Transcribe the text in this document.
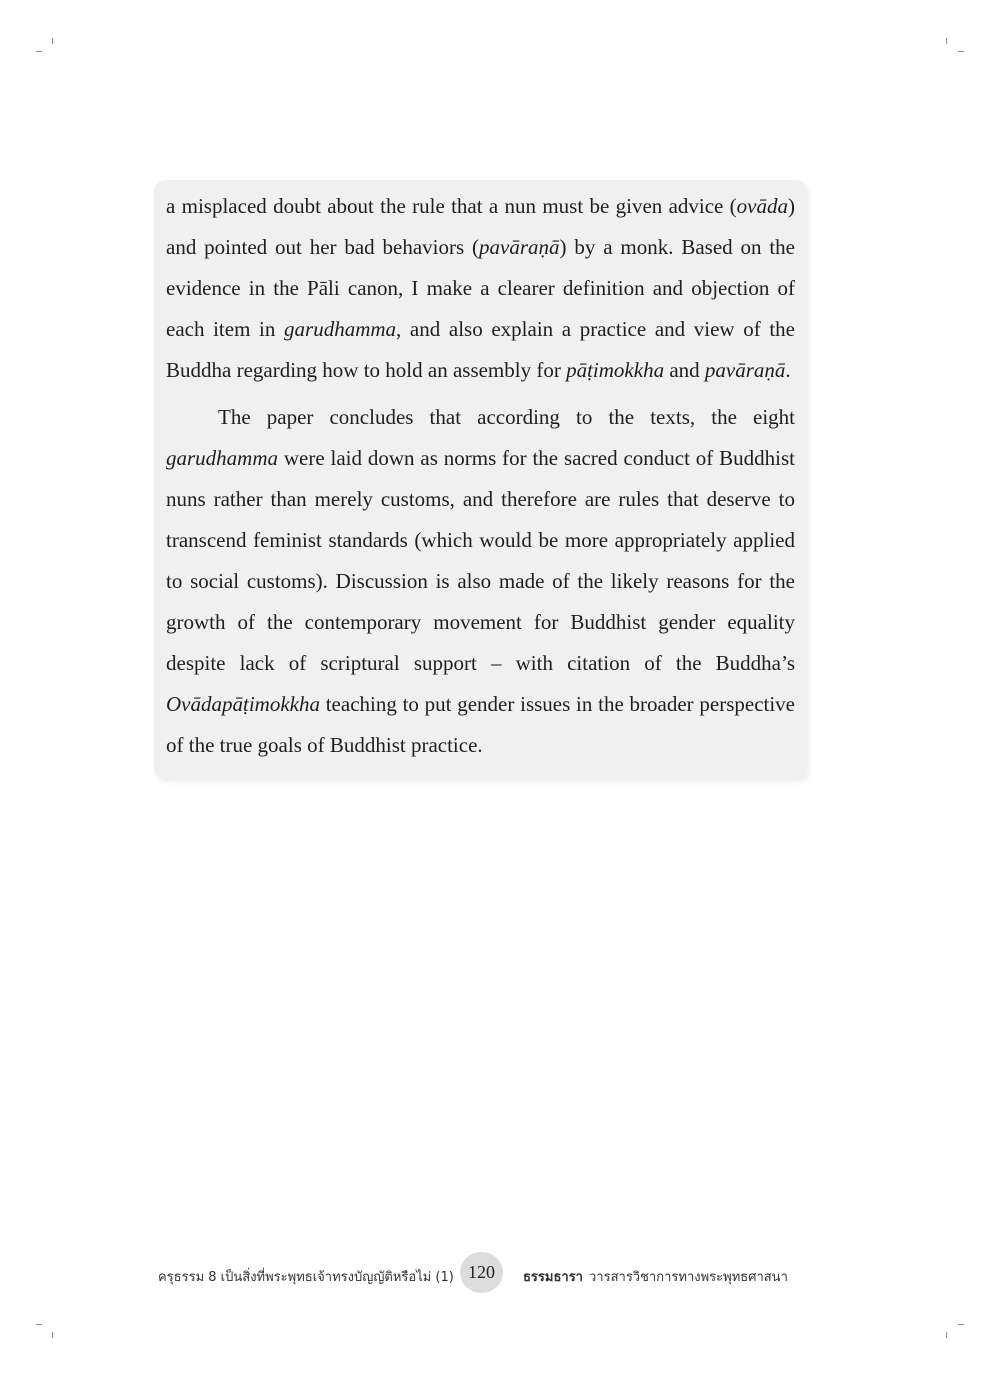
a misplaced doubt about the rule that a nun must be given advice (ovāda) and pointed out her bad behaviors (pavāraṇā) by a monk. Based on the evidence in the Pāli canon, I make a clearer definition and objection of each item in garudhamma, and also explain a practice and view of the Buddha regarding how to hold an assembly for pāṭimokkha and pavāraṇā.

The paper concludes that according to the texts, the eight garudhamma were laid down as norms for the sacred conduct of Buddhist nuns rather than merely customs, and therefore are rules that deserve to transcend feminist standards (which would be more appropriately applied to social customs). Discussion is also made of the likely reasons for the growth of the contemporary movement for Buddhist gender equality despite lack of scriptural support – with citation of the Buddha’s Ovādapāṭimokkha teaching to put gender issues in the broader perspective of the true goals of Buddhist practice.

ครุธรรม 8 เป็นสิ่งที่พระพุทธเจ้าทรงบัญญัติหรือไม่ (1) 120	ธรรมธารา วารสารวิชาการทางพระพุทธศาสนา
